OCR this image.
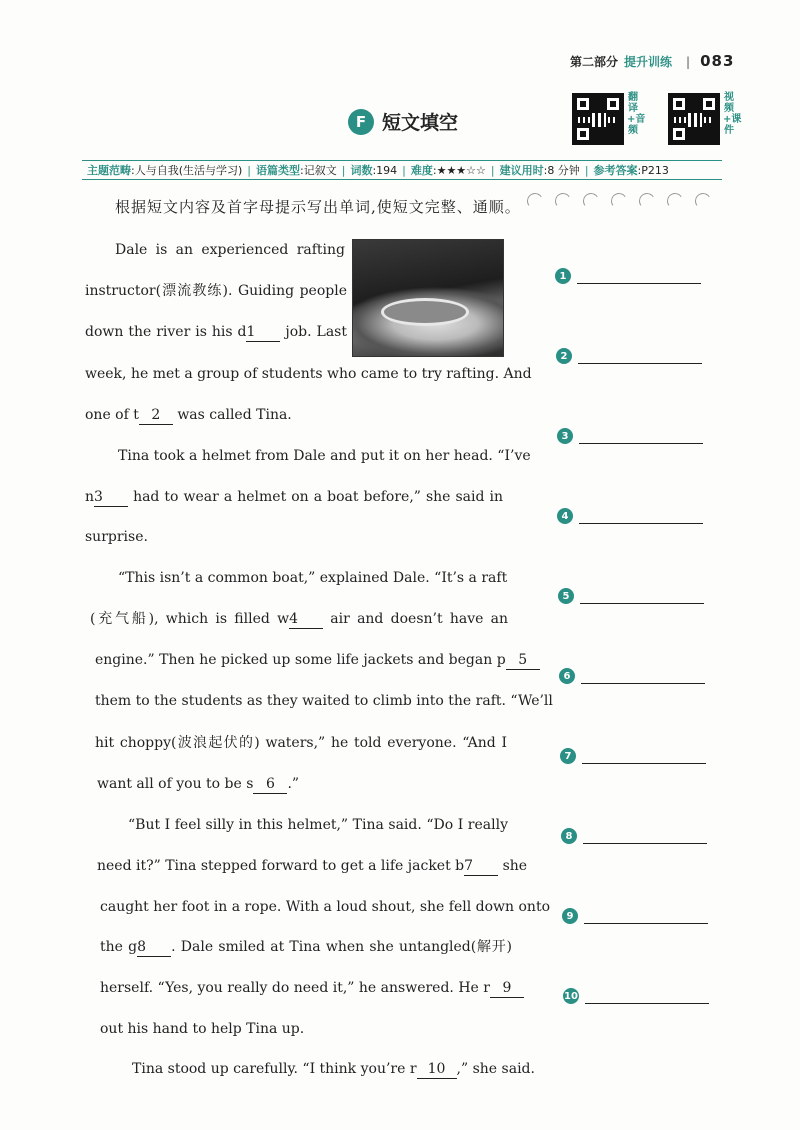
第二部分 提升训练 | 083
F 短文填空
翻译+音频
视频+课件
主题范畴:人与自我(生活与学习) | 语篇类型:记叙文 | 词数:194 | 难度:★★★☆☆ | 建议用时:8 分钟 | 参考答案:P213
根据短文内容及首字母提示写出单词,使短文完整、通顺。
Dale is an experienced rafting
instructor(漂流教练). Guiding people
down the river is his d1 job. Last
week, he met a group of students who came to try rafting. And
one of t 2 was called Tina.
Tina took a helmet from Dale and put it on her head. “I’ve
n3 had to wear a helmet on a boat before,” she said in
surprise.
“This isn’t a common boat,” explained Dale. “It’s a raft
(充气船), which is filled w4 air and doesn’t have an
engine.” Then he picked up some life jackets and began p 5
them to the students as they waited to climb into the raft. “We’ll
hit choppy(波浪起伏的) waters,” he told everyone. “And I
want all of you to be s 6 .”
“But I feel silly in this helmet,” Tina said. “Do I really
need it?” Tina stepped forward to get a life jacket b7 she
caught her foot in a rope. With a loud shout, she fell down onto
the g8 . Dale smiled at Tina when she untangled(解开)
herself. “Yes, you really do need it,” he answered. He r 9
out his hand to help Tina up.
Tina stood up carefully. “I think you’re r 10 ,” she said.
1
2
3
4
5
6
7
8
9
10
